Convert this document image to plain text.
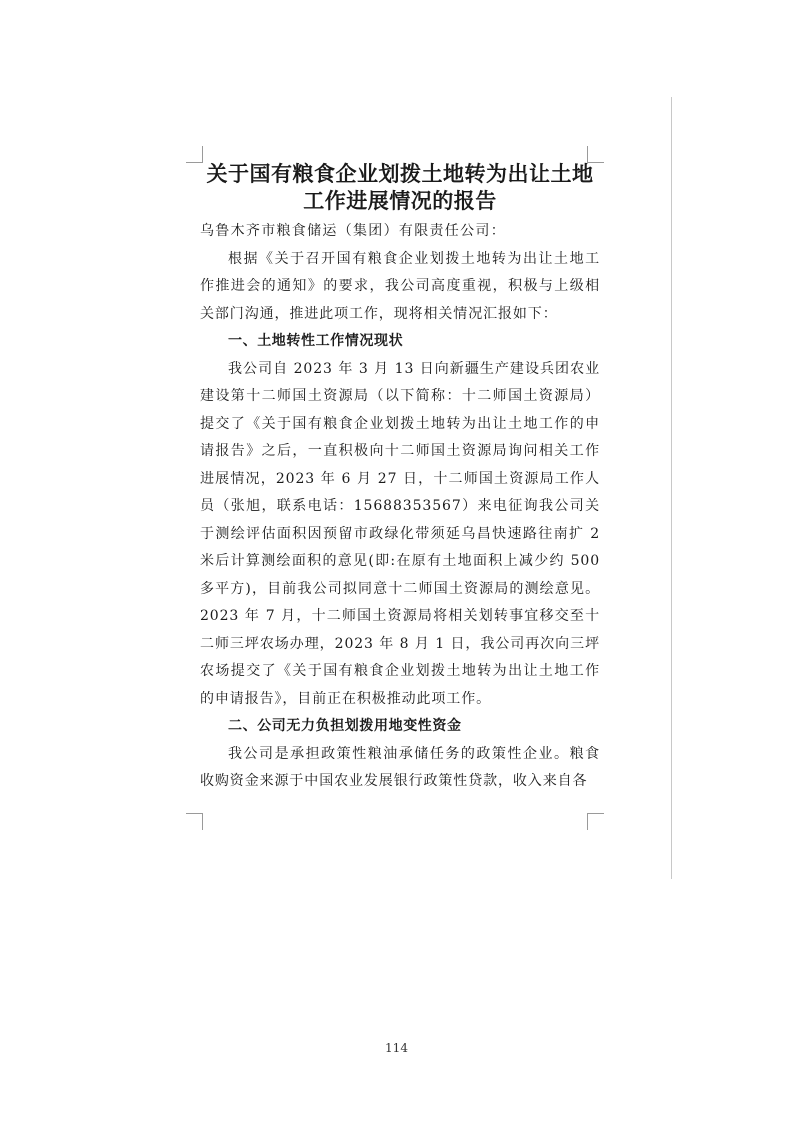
关于国有粮食企业划拨土地转为出让土地
工作进展情况的报告

乌鲁木齐市粮食储运（集团）有限责任公司：

根据《关于召开国有粮食企业划拨土地转为出让土地工作推进会的通知》的要求，我公司高度重视，积极与上级相关部门沟通，推进此项工作，现将相关情况汇报如下：

一、土地转性工作情况现状

我公司自 2023 年 3 月 13 日向新疆生产建设兵团农业建设第十二师国土资源局（以下简称：十二师国土资源局）提交了《关于国有粮食企业划拨土地转为出让土地工作的申请报告》之后，一直积极向十二师国土资源局询问相关工作进展情况，2023 年 6 月 27 日，十二师国土资源局工作人员（张旭，联系电话：15688353567）来电征询我公司关于测绘评估面积因预留市政绿化带须延乌昌快速路往南扩 2 米后计算测绘面积的意见(即:在原有土地面积上减少约 500 多平方)，目前我公司拟同意十二师国土资源局的测绘意见。2023 年 7 月，十二师国土资源局将相关划转事宜移交至十二师三坪农场办理，2023 年 8 月 1 日，我公司再次向三坪农场提交了《关于国有粮食企业划拨土地转为出让土地工作的申请报告》，目前正在积极推动此项工作。

二、公司无力负担划拨用地变性资金

我公司是承担政策性粮油承储任务的政策性企业。粮食收购资金来源于中国农业发展银行政策性贷款，收入来自各

114
